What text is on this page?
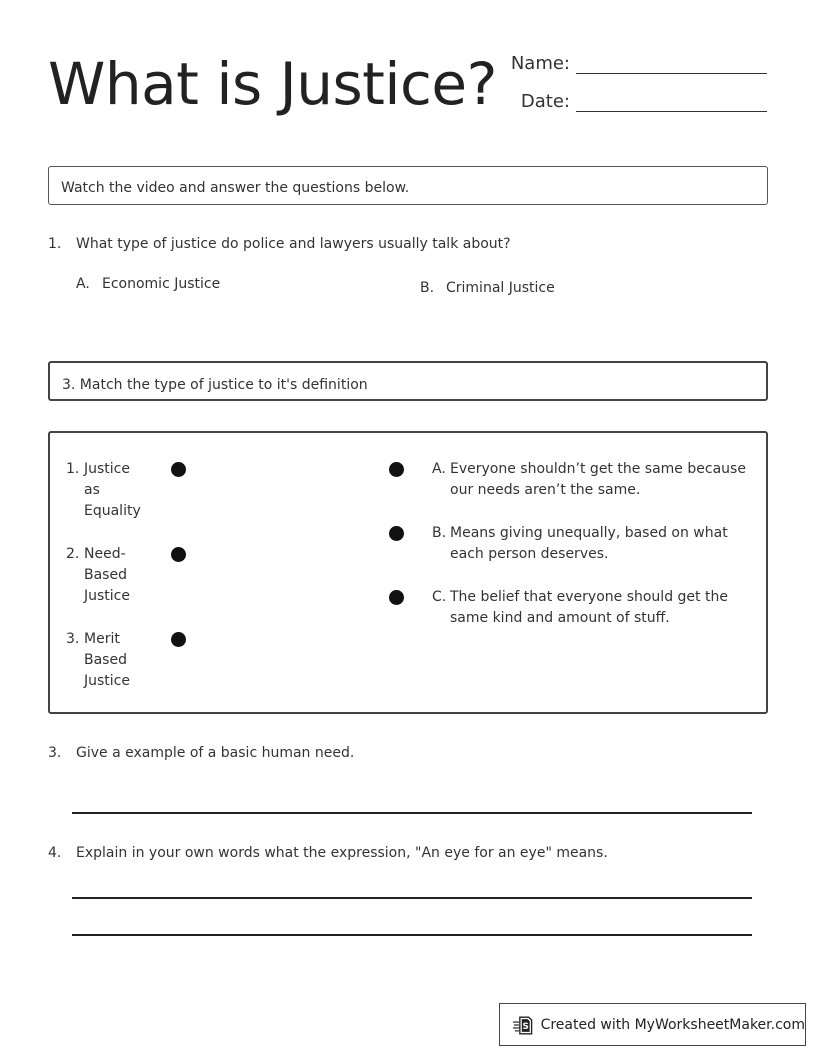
What is Justice? Name:
Date:
Watch the video and answer the questions below.
1. What type of justice do police and lawyers usually talk about?
A. Economic Justice	B. Criminal Justice
3. Match the type of justice to it's definition
1. Justice as Equality
2. Need-Based Justice
3. Merit Based Justice
A. Everyone shouldn’t get the same because our needs aren’t the same.
B. Means giving unequally, based on what each person deserves.
C. The belief that everyone should get the same kind and amount of stuff.
3. Give a example of a basic human need.
4. Explain in your own words what the expression, "An eye for an eye" means.
S Created with MyWorksheetMaker.com
